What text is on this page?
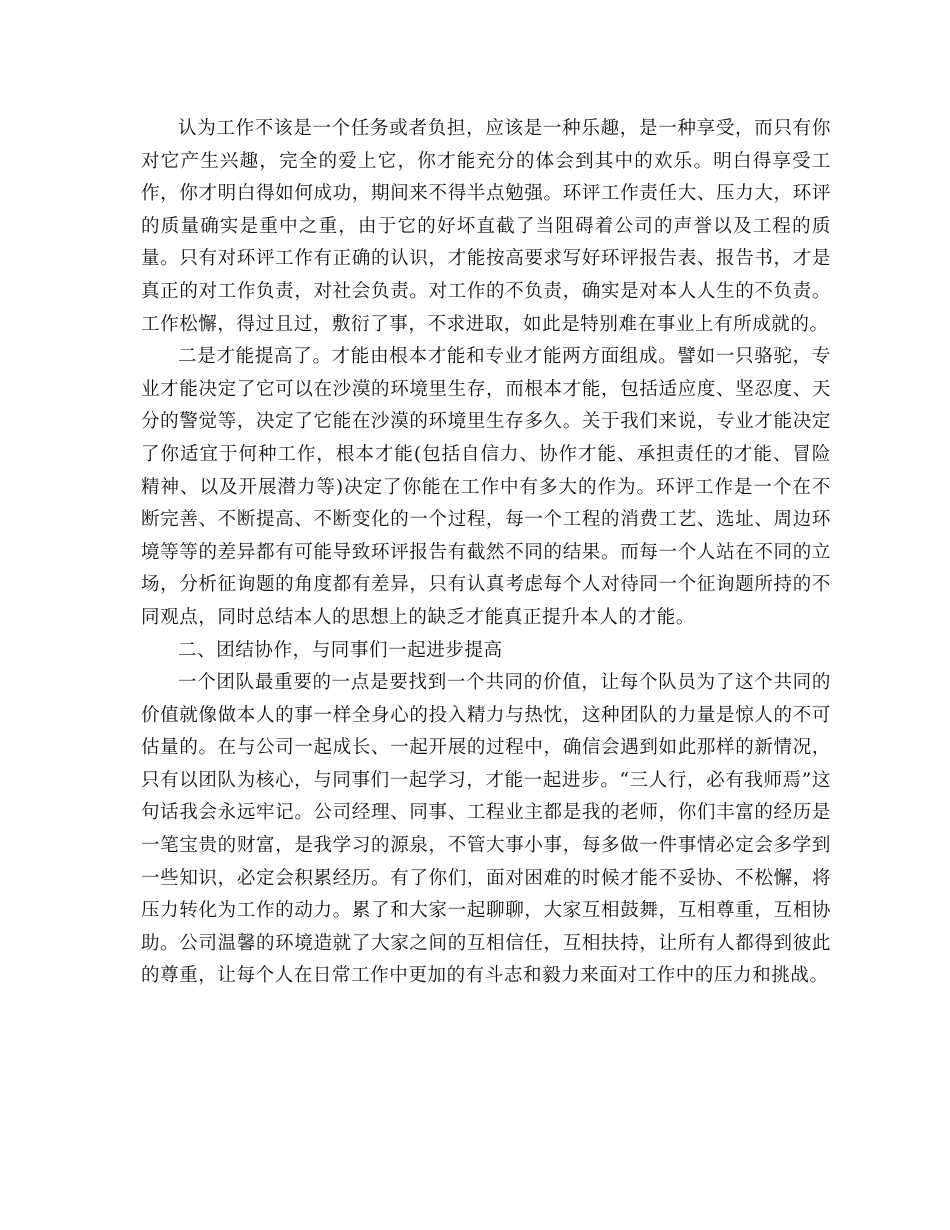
认为工作不该是一个任务或者负担，应该是一种乐趣，是一种享受，而只有你对它产生兴趣，完全的爱上它，你才能充分的体会到其中的欢乐。明白得享受工作，你才明白得如何成功，期间来不得半点勉强。环评工作责任大、压力大，环评的质量确实是重中之重，由于它的好坏直截了当阻碍着公司的声誉以及工程的质量。只有对环评工作有正确的认识，才能按高要求写好环评报告表、报告书，才是真正的对工作负责，对社会负责。对工作的不负责，确实是对本人人生的不负责。工作松懈，得过且过，敷衍了事，不求进取，如此是特别难在事业上有所成就的。

二是才能提高了。才能由根本才能和专业才能两方面组成。譬如一只骆驼，专业才能决定了它可以在沙漠的环境里生存，而根本才能，包括适应度、坚忍度、天分的警觉等，决定了它能在沙漠的环境里生存多久。关于我们来说，专业才能决定了你适宜于何种工作，根本才能(包括自信力、协作才能、承担责任的才能、冒险精神、以及开展潜力等)决定了你能在工作中有多大的作为。环评工作是一个在不断完善、不断提高、不断变化的一个过程，每一个工程的消费工艺、选址、周边环境等等的差异都有可能导致环评报告有截然不同的结果。而每一个人站在不同的立场，分析征询题的角度都有差异，只有认真考虑每个人对待同一个征询题所持的不同观点，同时总结本人的思想上的缺乏才能真正提升本人的才能。

二、团结协作，与同事们一起进步提高

一个团队最重要的一点是要找到一个共同的价值，让每个队员为了这个共同的价值就像做本人的事一样全身心的投入精力与热忱，这种团队的力量是惊人的不可估量的。在与公司一起成长、一起开展的过程中，确信会遇到如此那样的新情况，只有以团队为核心，与同事们一起学习，才能一起进步。“三人行，必有我师焉”这句话我会永远牢记。公司经理、同事、工程业主都是我的老师，你们丰富的经历是一笔宝贵的财富，是我学习的源泉，不管大事小事，每多做一件事情必定会多学到一些知识，必定会积累经历。有了你们，面对困难的时候才能不妥协、不松懈，将压力转化为工作的动力。累了和大家一起聊聊，大家互相鼓舞，互相尊重，互相协助。公司温馨的环境造就了大家之间的互相信任，互相扶持，让所有人都得到彼此的尊重，让每个人在日常工作中更加的有斗志和毅力来面对工作中的压力和挑战。
